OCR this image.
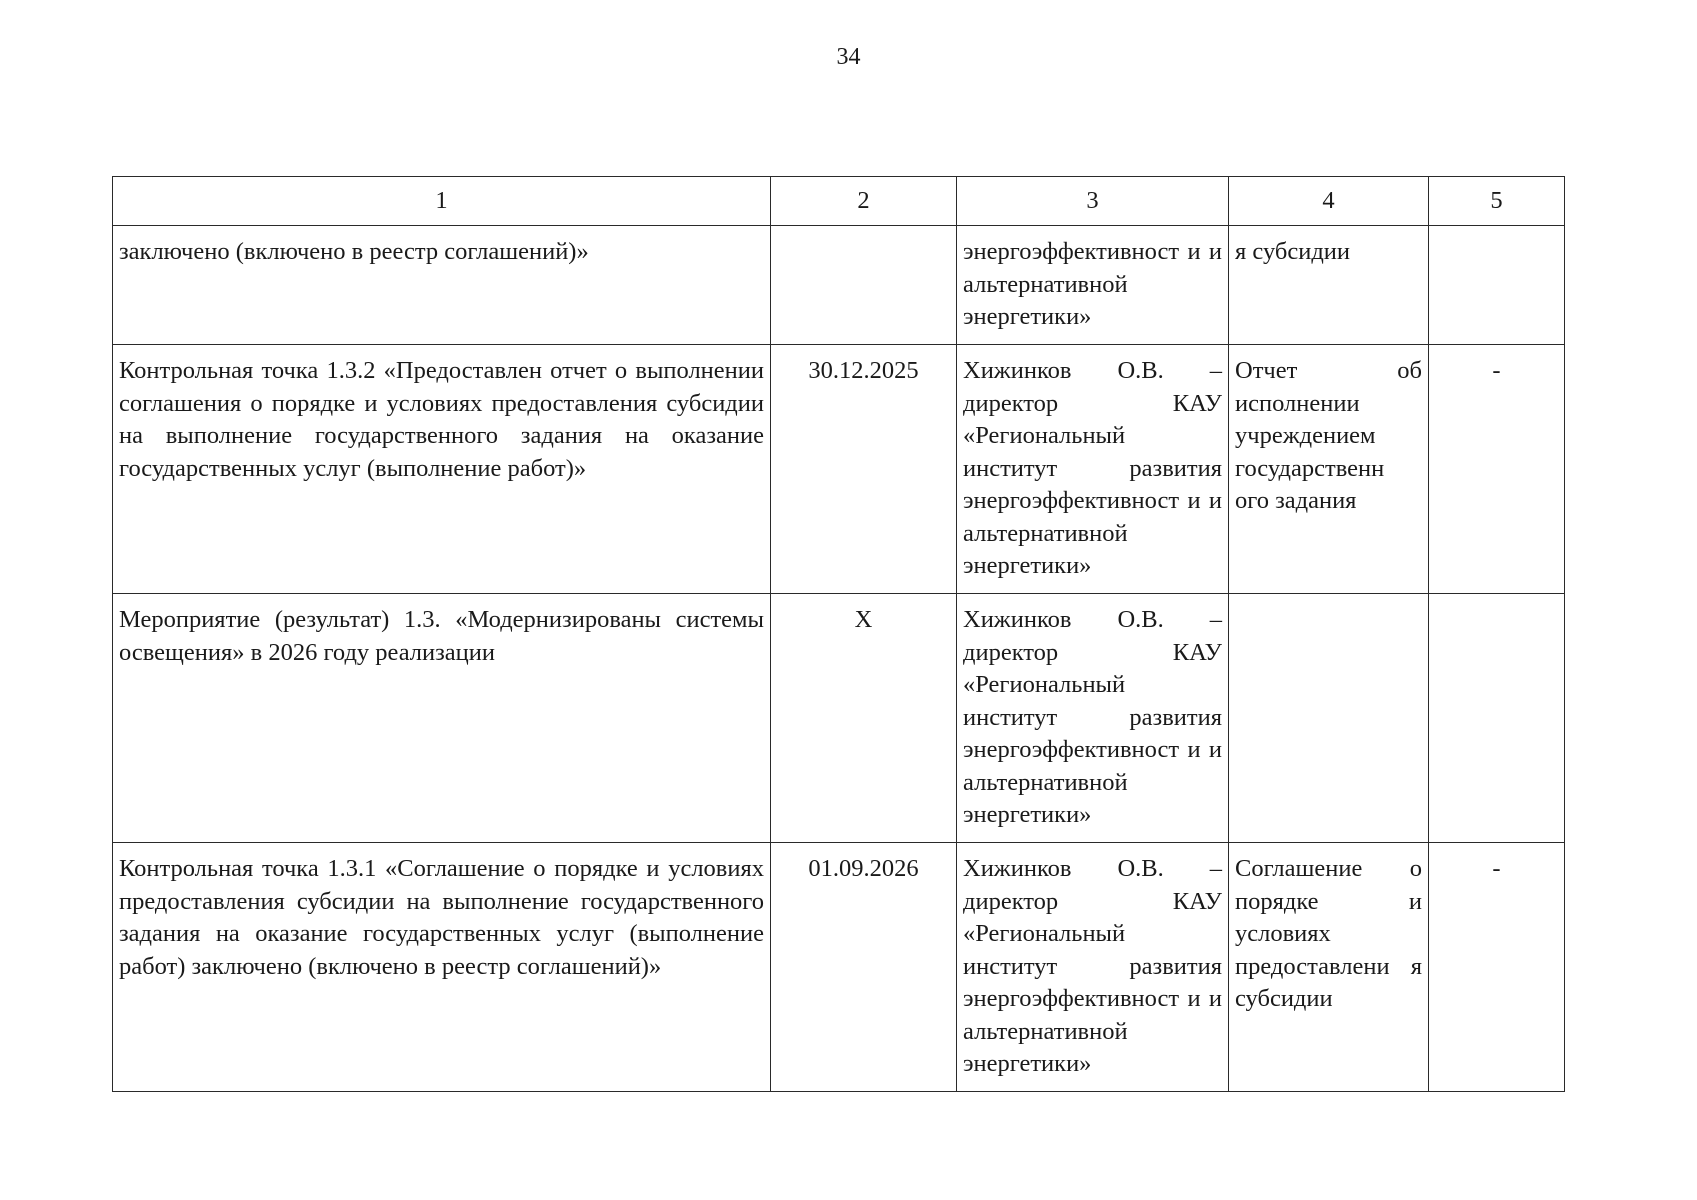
34
1	2	3	4	5
заключено (включено в реестр соглашений)»		энергоэффективност и и альтернативной энергетики»	я субсидии	
Контрольная точка 1.3.2 «Предоставлен отчет о выполнении соглашения о порядке и условиях предоставления субсидии на выполнение государственного задания на оказание государственных услуг (выполнение работ)»	30.12.2025	Хижинков О.В. – директор КАУ «Региональный институт развития энергоэффективност и и альтернативной энергетики»	Отчет об исполнении учреждением государственн ого задания	-
Мероприятие (результат) 1.3. «Модернизированы системы освещения» в 2026 году реализации	Х	Хижинков О.В. – директор КАУ «Региональный институт развития энергоэффективност и и альтернативной энергетики»		
Контрольная точка 1.3.1 «Соглашение о порядке и условиях предоставления субсидии на выполнение государственного задания на оказание государственных услуг (выполнение работ) заключено (включено в реестр соглашений)»	01.09.2026	Хижинков О.В. – директор КАУ «Региональный институт развития энергоэффективност и и альтернативной энергетики»	Соглашение о порядке и условиях предоставлени я субсидии	-
